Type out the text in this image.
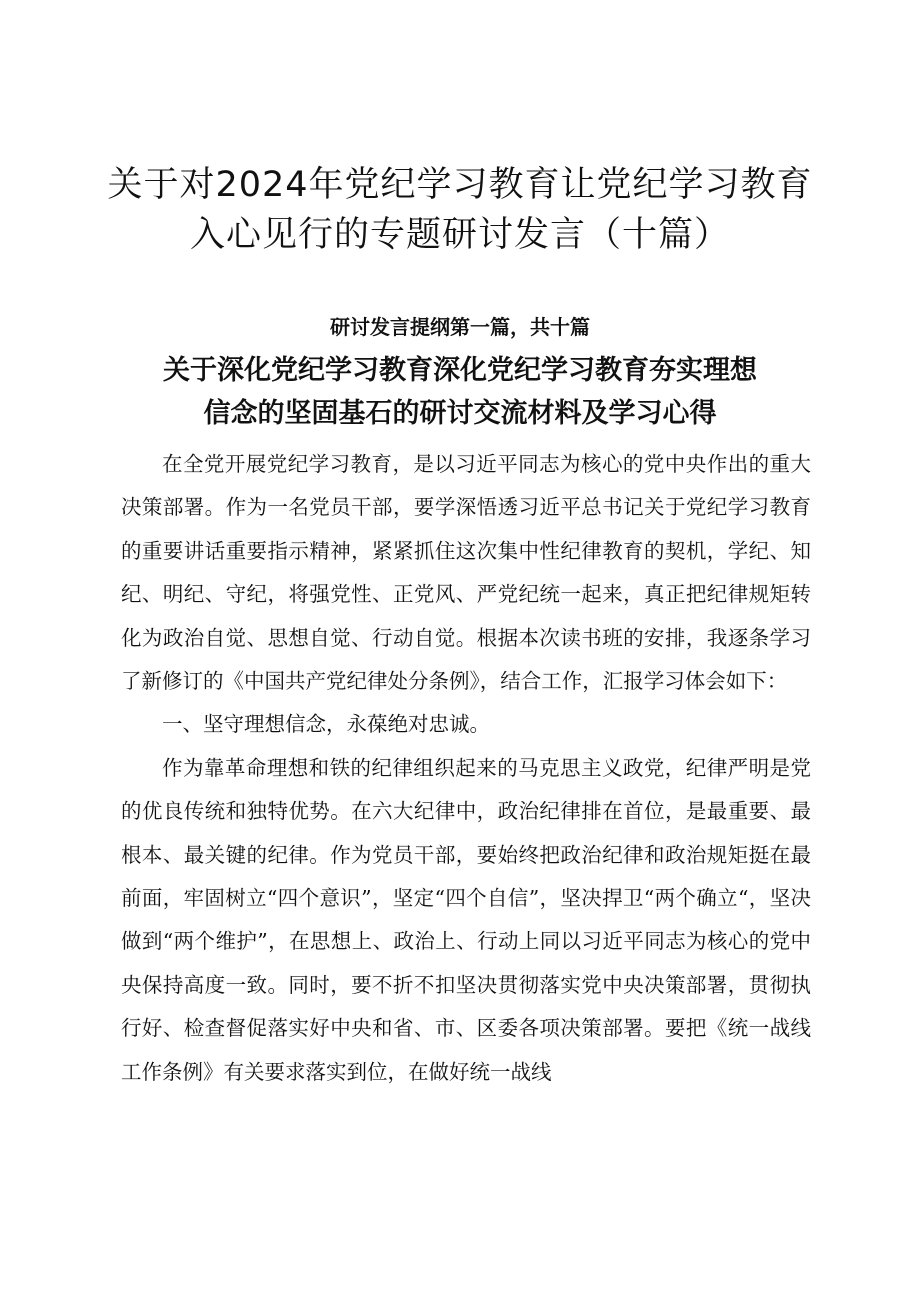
关于对2024年党纪学习教育让党纪学习教育
入心见行的专题研讨发言（十篇）
研讨发言提纲第一篇，共十篇
关于深化党纪学习教育深化党纪学习教育夯实理想
信念的坚固基石的研讨交流材料及学习心得

在全党开展党纪学习教育，是以习近平同志为核心的党中央作出的重大决策部署。作为一名党员干部，要学深悟透习近平总书记关于党纪学习教育的重要讲话重要指示精神，紧紧抓住这次集中性纪律教育的契机，学纪、知纪、明纪、守纪，将强党性、正党风、严党纪统一起来，真正把纪律规矩转化为政治自觉、思想自觉、行动自觉。根据本次读书班的安排，我逐条学习了新修订的《中国共产党纪律处分条例》，结合工作，汇报学习体会如下：

一、坚守理想信念，永葆绝对忠诚。

作为靠革命理想和铁的纪律组织起来的马克思主义政党，纪律严明是党的优良传统和独特优势。在六大纪律中，政治纪律排在首位，是最重要、最根本、最关键的纪律。作为党员干部，要始终把政治纪律和政治规矩挺在最前面，牢固树立“四个意识”，坚定“四个自信”，坚决捍卫“两个确立“，坚决做到“两个维护”，在思想上、政治上、行动上同以习近平同志为核心的党中央保持高度一致。同时，要不折不扣坚决贯彻落实党中央决策部署，贯彻执行好、检查督促落实好中央和省、市、区委各项决策部署。要把《统一战线工作条例》有关要求落实到位，在做好统一战线
